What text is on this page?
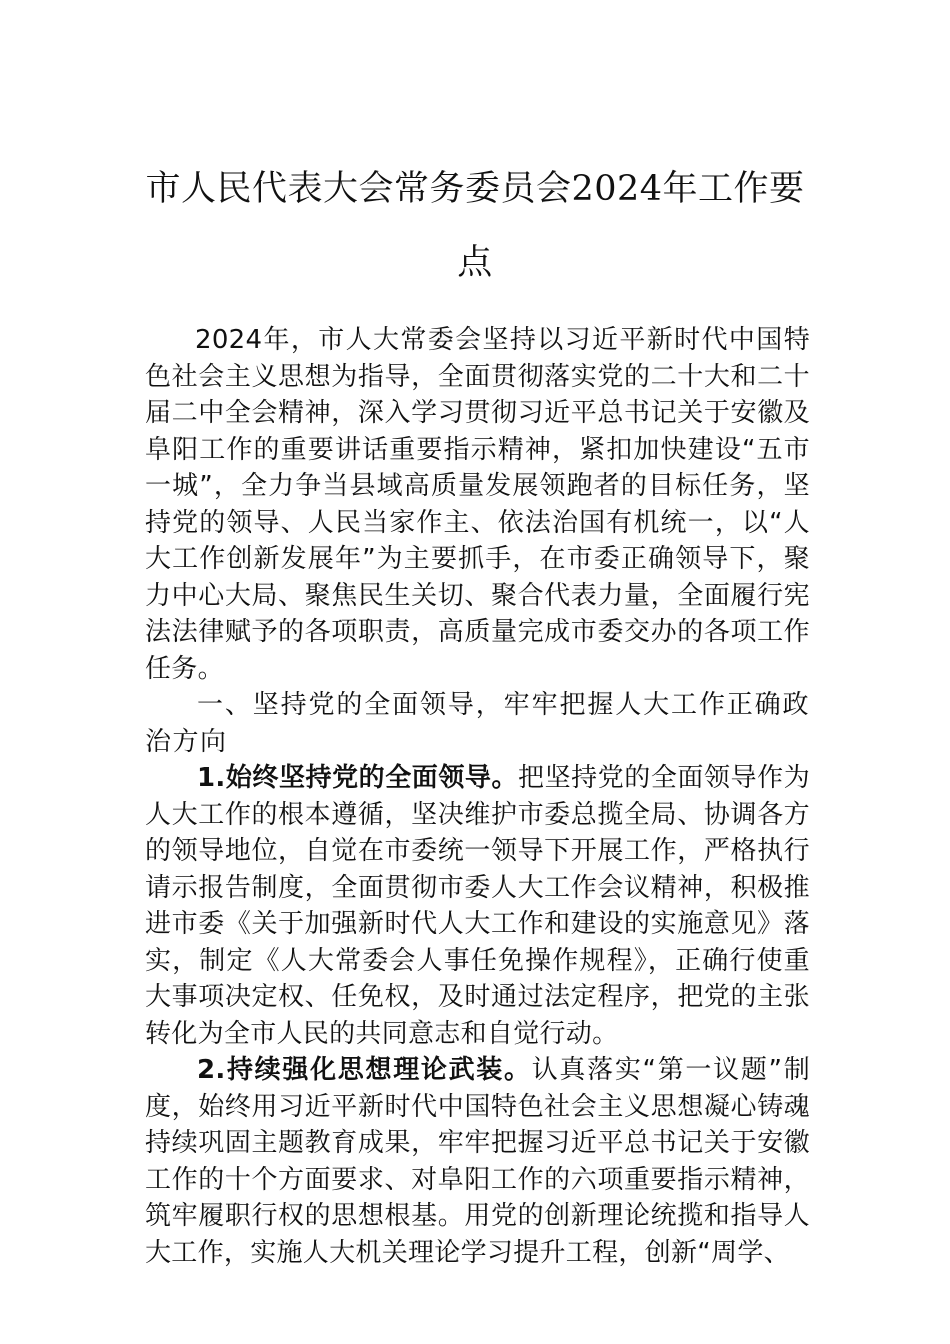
市人民代表大会常务委员会2024年工作要
点

2024年，市人大常委会坚持以习近平新时代中国特色社会主义思想为指导，全面贯彻落实党的二十大和二十届二中全会精神，深入学习贯彻习近平总书记关于安徽及阜阳工作的重要讲话重要指示精神，紧扣加快建设“五市一城”，全力争当县域高质量发展领跑者的目标任务，坚持党的领导、人民当家作主、依法治国有机统一，以“人大工作创新发展年”为主要抓手，在市委正确领导下，聚力中心大局、聚焦民生关切、聚合代表力量，全面履行宪法法律赋予的各项职责，高质量完成市委交办的各项工作任务。

一、坚持党的全面领导，牢牢把握人大工作正确政治方向

1.始终坚持党的全面领导。把坚持党的全面领导作为人大工作的根本遵循，坚决维护市委总揽全局、协调各方的领导地位，自觉在市委统一领导下开展工作，严格执行请示报告制度，全面贯彻市委人大工作会议精神，积极推进市委《关于加强新时代人大工作和建设的实施意见》落实，制定《人大常委会人事任免操作规程》，正确行使重大事项决定权、任免权，及时通过法定程序，把党的主张转化为全市人民的共同意志和自觉行动。

2.持续强化思想理论武装。认真落实“第一议题”制度，始终用习近平新时代中国特色社会主义思想凝心铸魂持续巩固主题教育成果，牢牢把握习近平总书记关于安徽工作的十个方面要求、对阜阳工作的六项重要指示精神，筑牢履职行权的思想根基。用党的创新理论统揽和指导人大工作，实施人大机关理论学习提升工程，创新“周学、
